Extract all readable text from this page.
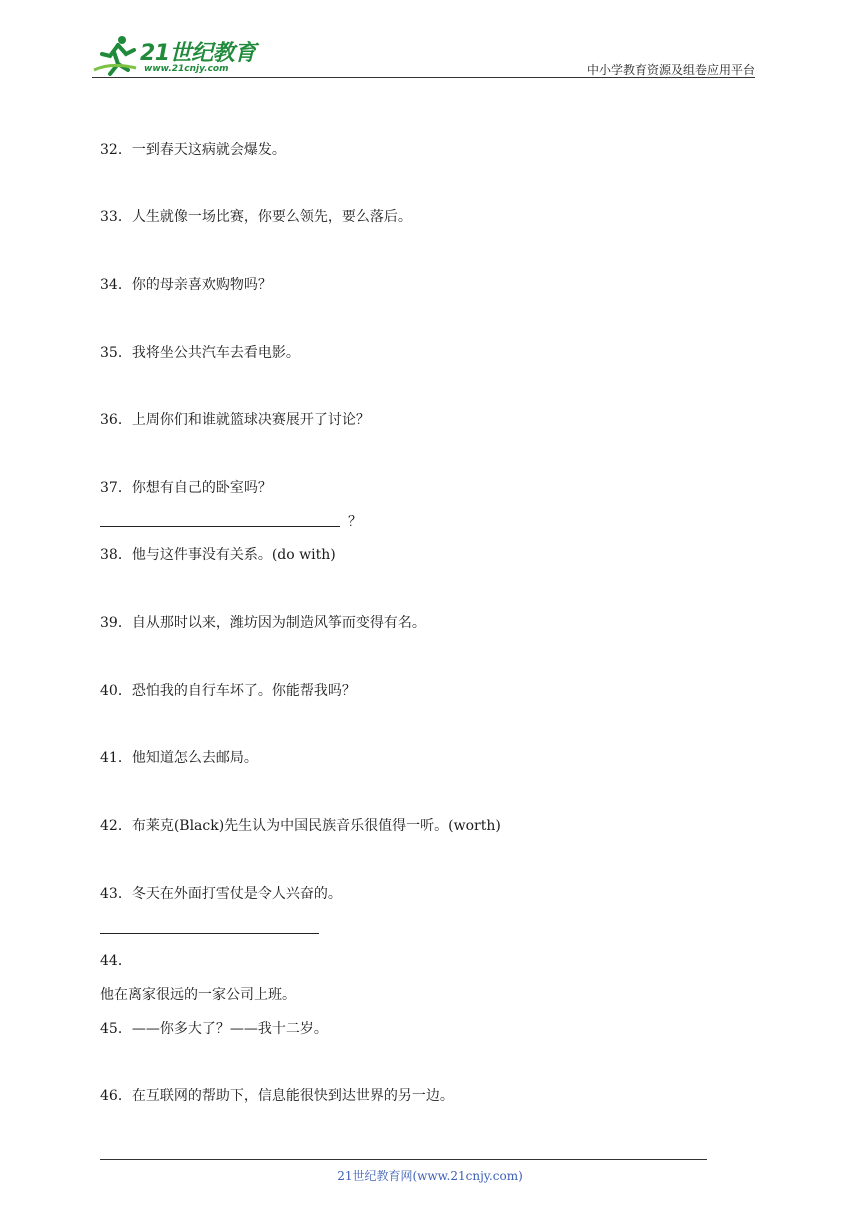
21世纪教育
www.21cnjy.com	中小学教育资源及组卷应用平台
32．一到春天这病就会爆发。
33．人生就像一场比赛，你要么领先，要么落后。
34．你的母亲喜欢购物吗？
35．我将坐公共汽车去看电影。
36．上周你们和谁就篮球决赛展开了讨论？
37．你想有自己的卧室吗？
？
38．他与这件事没有关系。(do with)
39．自从那时以来，潍坊因为制造风筝而变得有名。
40．恐怕我的自行车坏了。你能帮我吗？
41．他知道怎么去邮局。
42．布莱克(Black)先生认为中国民族音乐很值得一听。(worth)
43．冬天在外面打雪仗是令人兴奋的。
44．
他在离家很远的一家公司上班。
45．——你多大了？——我十二岁。
46．在互联网的帮助下，信息能很快到达世界的另一边。
21世纪教育网(www.21cnjy.com)
